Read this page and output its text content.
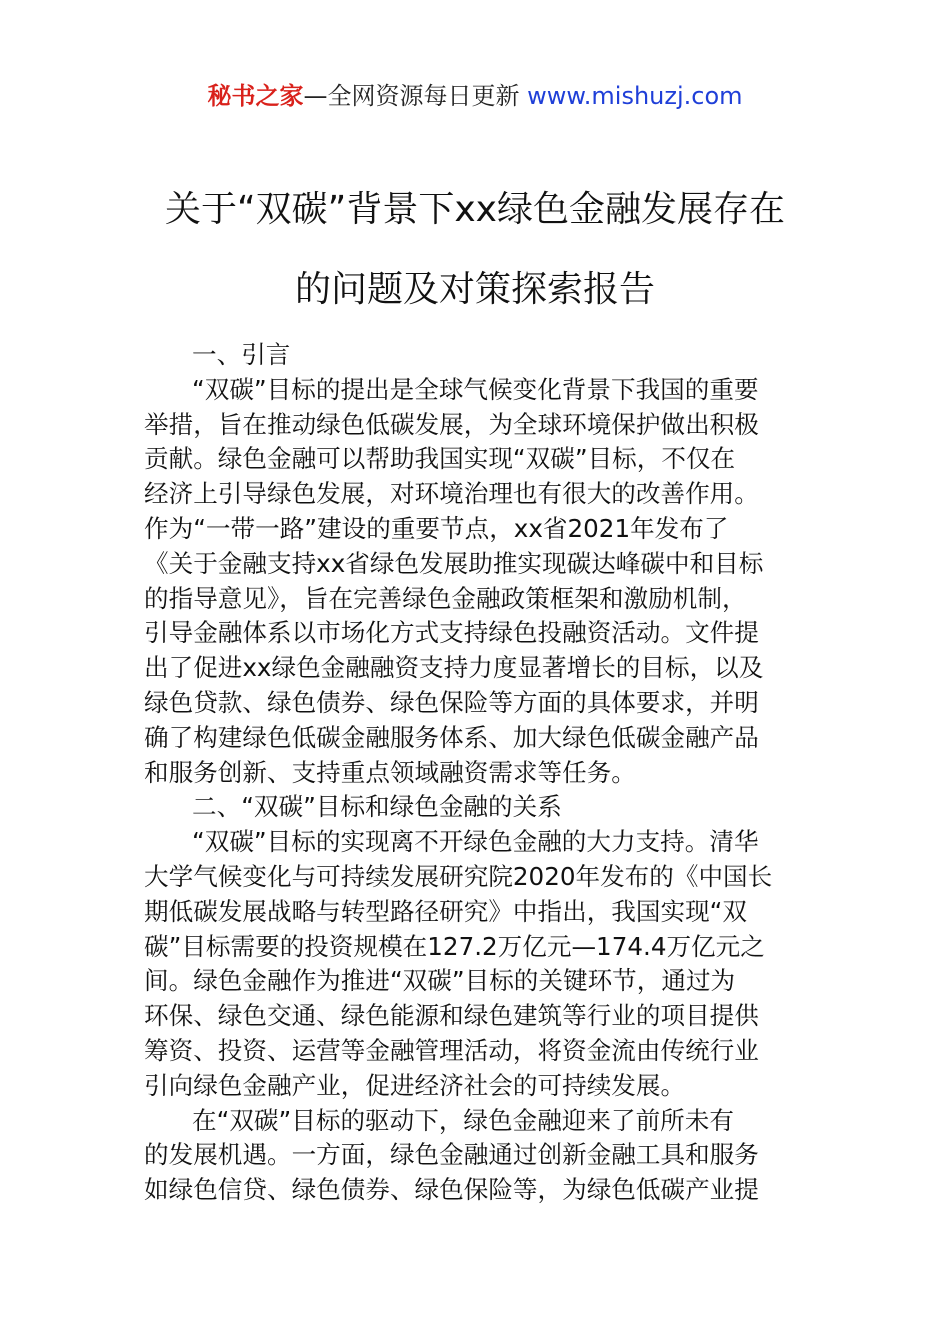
秘书之家—全网资源每日更新 www.mishuzj.com
关于“双碳”背景下xx绿色金融发展存在
的问题及对策探索报告
一、引言
“双碳”目标的提出是全球气候变化背景下我国的重要
举措，旨在推动绿色低碳发展，为全球环境保护做出积极
贡献。绿色金融可以帮助我国实现“双碳”目标，不仅在
经济上引导绿色发展，对环境治理也有很大的改善作用。
作为“一带一路”建设的重要节点，xx省2021年发布了
《关于金融支持xx省绿色发展助推实现碳达峰碳中和目标
的指导意见》，旨在完善绿色金融政策框架和激励机制，
引导金融体系以市场化方式支持绿色投融资活动。文件提
出了促进xx绿色金融融资支持力度显著增长的目标，以及
绿色贷款、绿色债券、绿色保险等方面的具体要求，并明
确了构建绿色低碳金融服务体系、加大绿色低碳金融产品
和服务创新、支持重点领域融资需求等任务。
二、“双碳”目标和绿色金融的关系
“双碳”目标的实现离不开绿色金融的大力支持。清华
大学气候变化与可持续发展研究院2020年发布的《中国长
期低碳发展战略与转型路径研究》中指出，我国实现“双
碳”目标需要的投资规模在127.2万亿元—174.4万亿元之
间。绿色金融作为推进“双碳”目标的关键环节，通过为
环保、绿色交通、绿色能源和绿色建筑等行业的项目提供
筹资、投资、运营等金融管理活动，将资金流由传统行业
引向绿色金融产业，促进经济社会的可持续发展。
在“双碳”目标的驱动下，绿色金融迎来了前所未有
的发展机遇。一方面，绿色金融通过创新金融工具和服务
如绿色信贷、绿色债券、绿色保险等，为绿色低碳产业提
